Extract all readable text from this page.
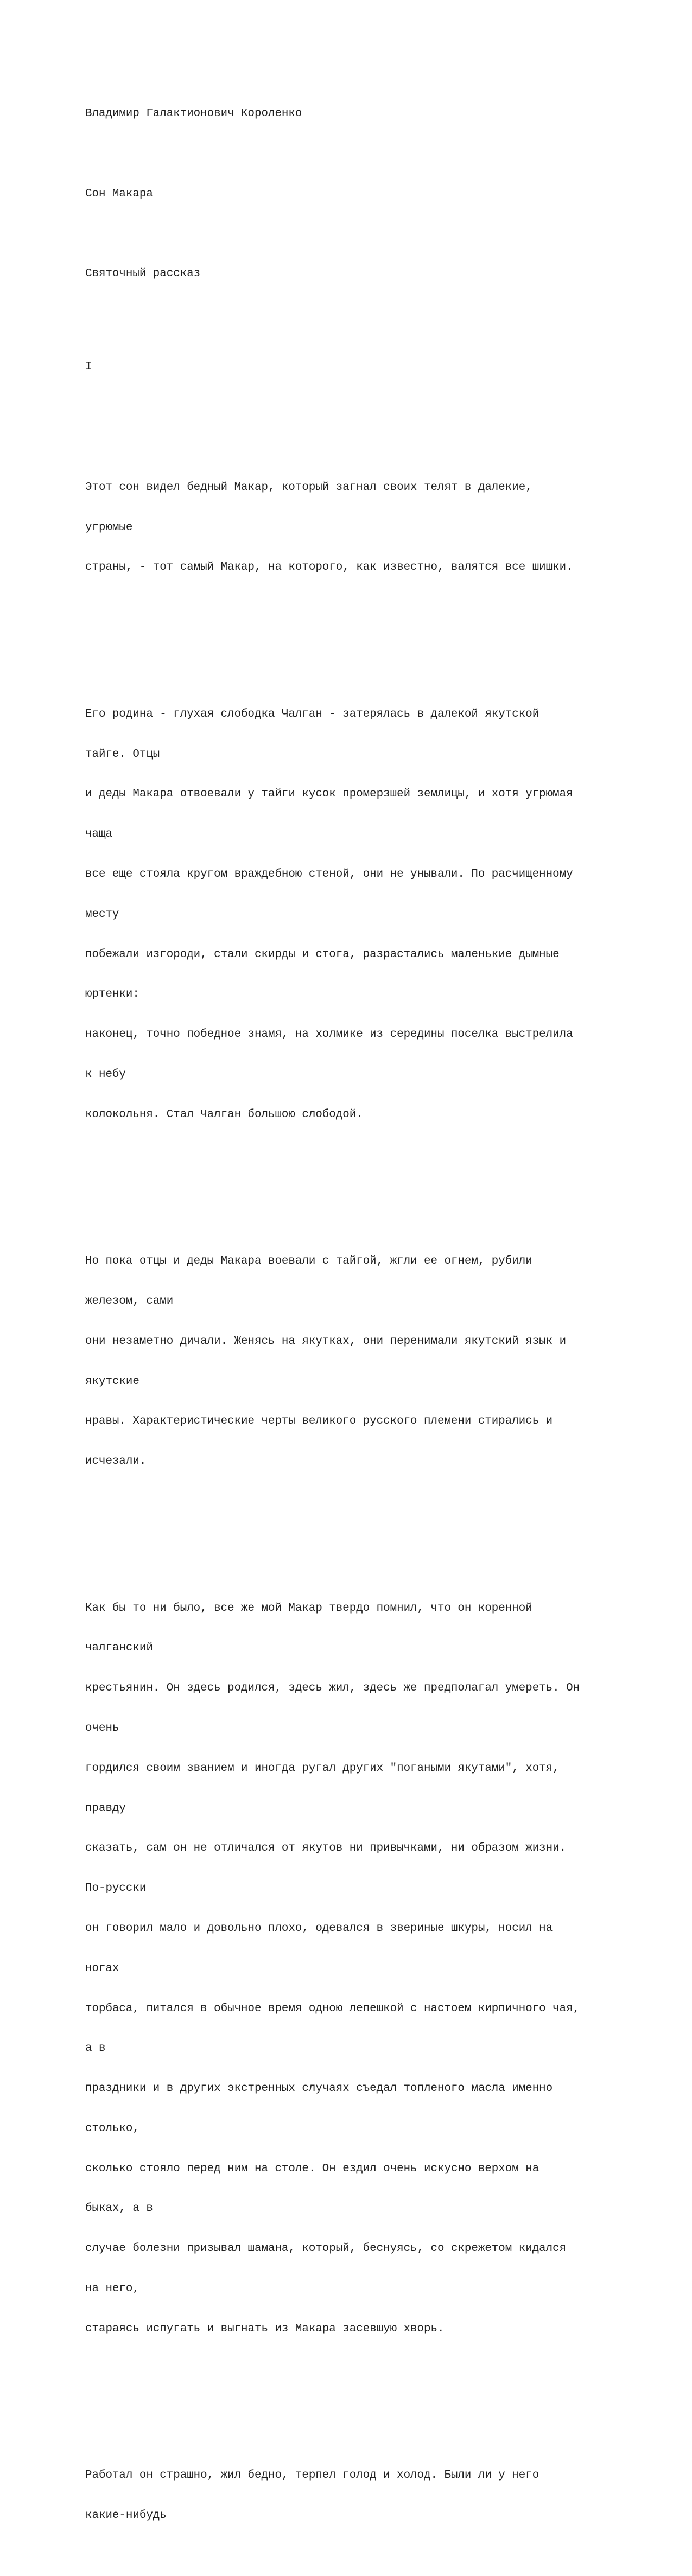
Владимир Галактионович Короленко

Сон Макара

Святочный рассказ

I

Этот сон видел бедный Макар, который загнал своих телят в далекие,

угрюмые

страны, - тот самый Макар, на которого, как известно, валятся все шишки.

Его родина - глухая слободка Чалган - затерялась в далекой якутской

тайге. Отцы

и деды Макара отвоевали у тайги кусок промерзшей землицы, и хотя угрюмая

чаща

все еще стояла кругом враждебною стеной, они не унывали. По расчищенному

месту

побежали изгороди, стали скирды и стога, разрастались маленькие дымные

юртенки:

наконец, точно победное знамя, на холмике из середины поселка выстрелила

к небу

колокольня. Стал Чалган большою слободой.

Но пока отцы и деды Макара воевали с тайгой, жгли ее огнем, рубили

железом, сами

они незаметно дичали. Женясь на якутках, они перенимали якутский язык и

якутские

нравы. Характеристические черты великого русского племени стирались и

исчезали.

Как бы то ни было, все же мой Макар твердо помнил, что он коренной

чалганский

крестьянин. Он здесь родился, здесь жил, здесь же предполагал умереть. Он

очень

гордился своим званием и иногда ругал других "погаными якутами", хотя,

правду

сказать, сам он не отличался от якутов ни привычками, ни образом жизни.

По-русски

он говорил мало и довольно плохо, одевался в звериные шкуры, носил на

ногах

торбаса, питался в обычное время одною лепешкой с настоем кирпичного чая,

а в

праздники и в других экстренных случаях съедал топленого масла именно

столько,

сколько стояло перед ним на столе. Он ездил очень искусно верхом на

быках, а в

случае болезни призывал шамана, который, беснуясь, со скрежетом кидался

на него,

стараясь испугать и выгнать из Макара засевшую хворь.

Работал он страшно, жил бедно, терпел голод и холод. Были ли у него

какие-нибудь
